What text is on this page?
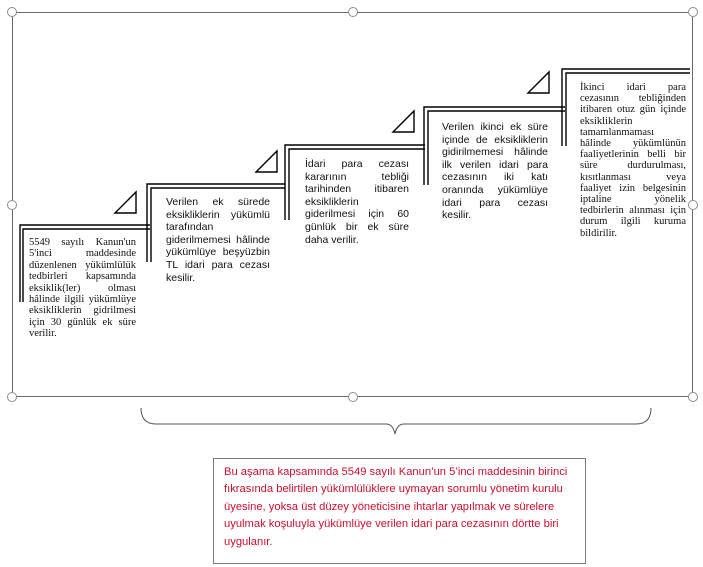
5549 sayılı Kanun'un 5'inci maddesinde düzenlenen yükümlülük tedbirleri kapsamında eksiklik(ler) olması hâlinde ilgili yükümlüye eksikliklerin gidrilmesi için 30 günlük ek süre verilir.
Verilen ek sürede eksikliklerin yükümlü tarafından giderilmemesi hâlinde yükümlüye beşyüzbin TL idari para cezası kesilir.
İdari para cezası kararının tebliği tarihinden itibaren eksikliklerin giderilmesi için 60 günlük bir ek süre daha verilir.
Verilen ikinci ek süre içinde de eksikliklerin gidirilmemesi hâlinde ilk verilen idari para cezasının iki katı oranında yükümlüye idari para cezası kesilir.
İkinci idari para cezasının tebliğinden itibaren otuz gün içinde eksikliklerin tamamlanmaması hâlinde yükümlünün faaliyetlerinin belli bir süre durdurulması, kısıtlanması veya faaliyet izin belgesinin iptaline yönelik tedbirlerin alınması için durum ilgili kuruma bildirilir.
Bu aşama kapsamında 5549 sayılı Kanun’un 5’inci maddesinin birinci fıkrasında belirtilen yükümlülüklere uymayan sorumlu yönetim kurulu üyesine, yoksa üst düzey yöneticisine ihtarlar yapılmak ve sürelere uyulmak koşuluyla yükümlüye verilen idari para cezasının dörtte biri uygulanır.
